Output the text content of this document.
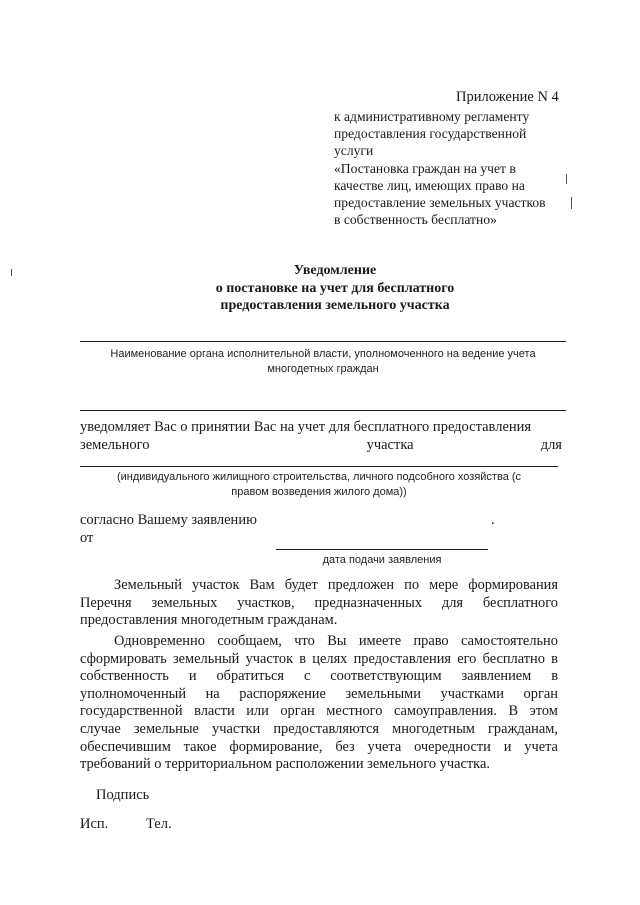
Приложение N 4
к административному регламенту
предоставления государственной
услуги
«Постановка граждан на учет в
качестве лиц, имеющих право на
предоставление земельных участков
в собственность бесплатно»
Уведомление
о постановке на учет для бесплатного
предоставления земельного участка
Наименование органа исполнительной власти, уполномоченного на ведение учета
многодетных граждан
уведомляет Вас о принятии Вас на учет для бесплатного предоставления
земельного	участка	для
(индивидуального жилищного строительства, личного подсобного хозяйства (с
правом возведения жилого дома))
согласно Вашему заявлению	.
от
дата подачи заявления
Земельный участок Вам будет предложен по мере формирования
Перечня земельных участков, предназначенных для бесплатного
предоставления многодетным гражданам.
Одновременно сообщаем, что Вы имеете право самостоятельно
сформировать земельный участок в целях предоставления его бесплатно в
собственность и обратиться с соответствующим заявлением в
уполномоченный на распоряжение земельными участками орган
государственной власти или орган местного самоуправления. В этом
случае земельные участки предоставляются многодетным гражданам,
обеспечившим такое формирование, без учета очередности и учета
требований о территориальном расположении земельного участка.
Подпись
Исп.	Тел.
